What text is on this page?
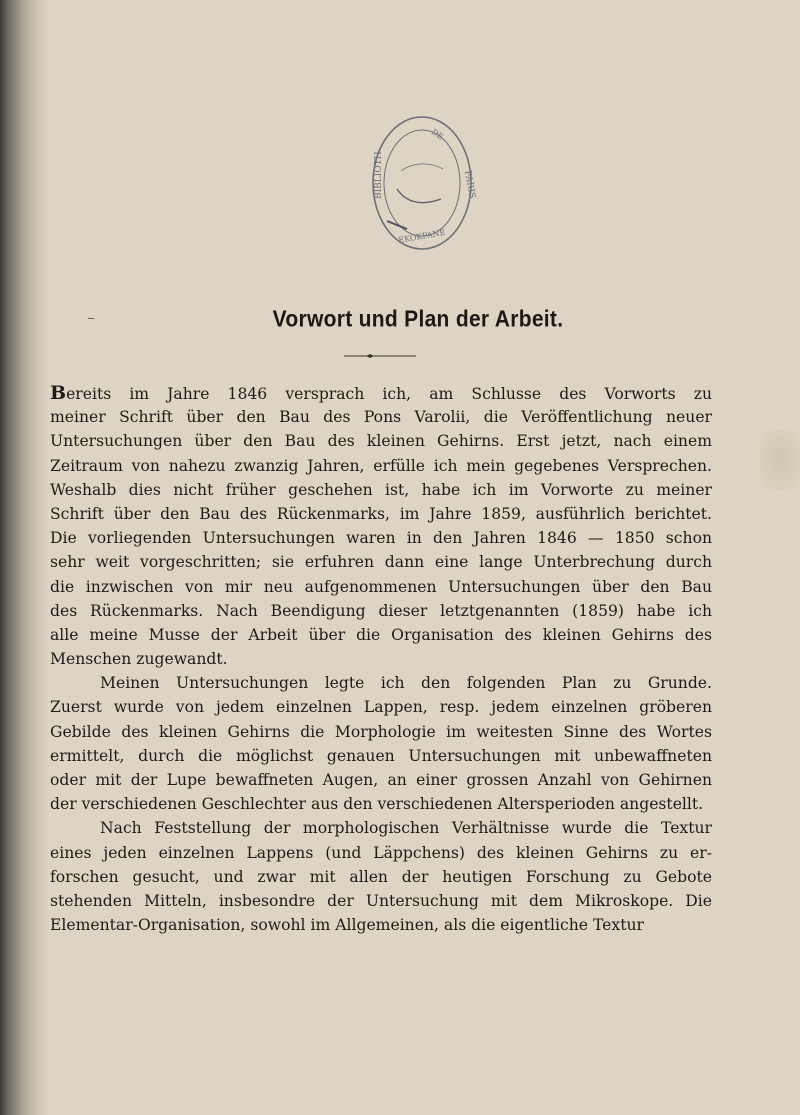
BIBLIOTH
DE
PARIS
EKOKPANE
Vorwort und Plan der Arbeit.
Bereits im Jahre 1846 versprach ich, am Schlusse des Vorworts zu
meiner Schrift über den Bau des Pons Varolii, die Veröffentlichung neuer
Untersuchungen über den Bau des kleinen Gehirns. Erst jetzt, nach einem
Zeitraum von nahezu zwanzig Jahren, erfülle ich mein gegebenes Versprechen.
Weshalb dies nicht früher geschehen ist, habe ich im Vorworte zu meiner
Schrift über den Bau des Rückenmarks, im Jahre 1859, ausführlich berichtet.
Die vorliegenden Untersuchungen waren in den Jahren 1846 — 1850 schon
sehr weit vorgeschritten; sie erfuhren dann eine lange Unterbrechung durch
die inzwischen von mir neu aufgenommenen Untersuchungen über den Bau
des Rückenmarks. Nach Beendigung dieser letztgenannten (1859) habe ich
alle meine Musse der Arbeit über die Organisation des kleinen Gehirns des
Menschen zugewandt.
Meinen Untersuchungen legte ich den folgenden Plan zu Grunde.
Zuerst wurde von jedem einzelnen Lappen, resp. jedem einzelnen gröberen
Gebilde des kleinen Gehirns die Morphologie im weitesten Sinne des Wortes
ermittelt, durch die möglichst genauen Untersuchungen mit unbewaffneten
oder mit der Lupe bewaffneten Augen, an einer grossen Anzahl von Gehirnen
der verschiedenen Geschlechter aus den verschiedenen Altersperioden angestellt.
Nach Feststellung der morphologischen Verhältnisse wurde die Textur
eines jeden einzelnen Lappens (und Läppchens) des kleinen Gehirns zu er-
forschen gesucht, und zwar mit allen der heutigen Forschung zu Gebote
stehenden Mitteln, insbesondre der Untersuchung mit dem Mikroskope. Die
Elementar-Organisation, sowohl im Allgemeinen, als die eigentliche Textur
